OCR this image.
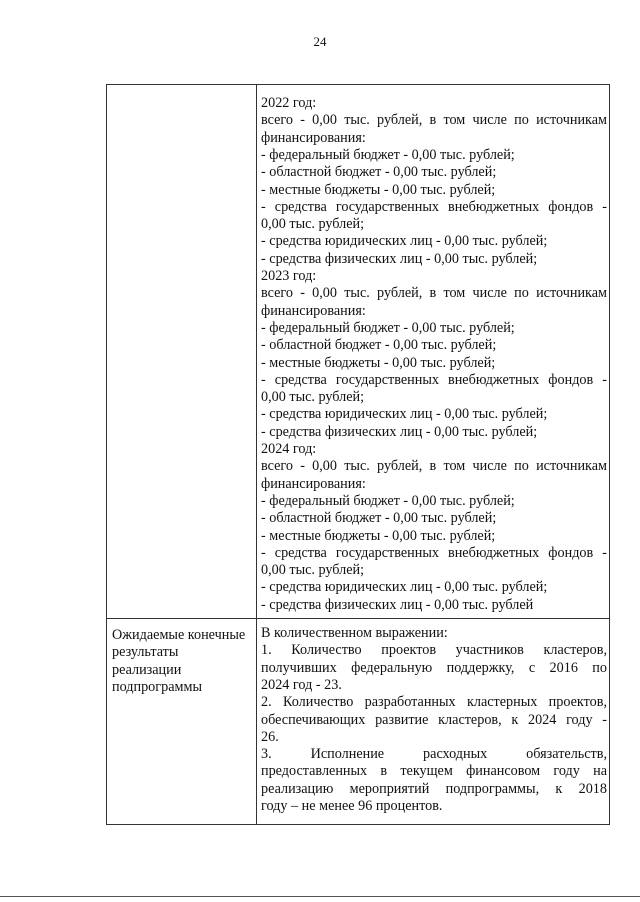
24
2022 год:
всего - 0,00 тыс. рублей, в том числе по источникам
финансирования:
- федеральный бюджет - 0,00 тыс. рублей;
- областной бюджет - 0,00 тыс. рублей;
- местные бюджеты - 0,00 тыс. рублей;
- средства государственных внебюджетных фондов -
0,00 тыс. рублей;
- средства юридических лиц - 0,00 тыс. рублей;
- средства физических лиц - 0,00 тыс. рублей;
2023 год:
всего - 0,00 тыс. рублей, в том числе по источникам
финансирования:
- федеральный бюджет - 0,00 тыс. рублей;
- областной бюджет - 0,00 тыс. рублей;
- местные бюджеты - 0,00 тыс. рублей;
- средства государственных внебюджетных фондов -
0,00 тыс. рублей;
- средства юридических лиц - 0,00 тыс. рублей;
- средства физических лиц - 0,00 тыс. рублей;
2024 год:
всего - 0,00 тыс. рублей, в том числе по источникам
финансирования:
- федеральный бюджет - 0,00 тыс. рублей;
- областной бюджет - 0,00 тыс. рублей;
- местные бюджеты - 0,00 тыс. рублей;
- средства государственных внебюджетных фондов -
0,00 тыс. рублей;
- средства юридических лиц - 0,00 тыс. рублей;
- средства физических лиц - 0,00 тыс. рублей
Ожидаемые конечные
результаты
реализации
подпрограммы
В количественном выражении:
1. Количество проектов участников кластеров,
получивших федеральную поддержку, с 2016 по
2024 год - 23.
2. Количество разработанных кластерных проектов,
обеспечивающих развитие кластеров, к 2024 году -
26.
3. Исполнение расходных обязательств,
предоставленных в текущем финансовом году на
реализацию мероприятий подпрограммы, к 2018
году – не менее 96 процентов.
